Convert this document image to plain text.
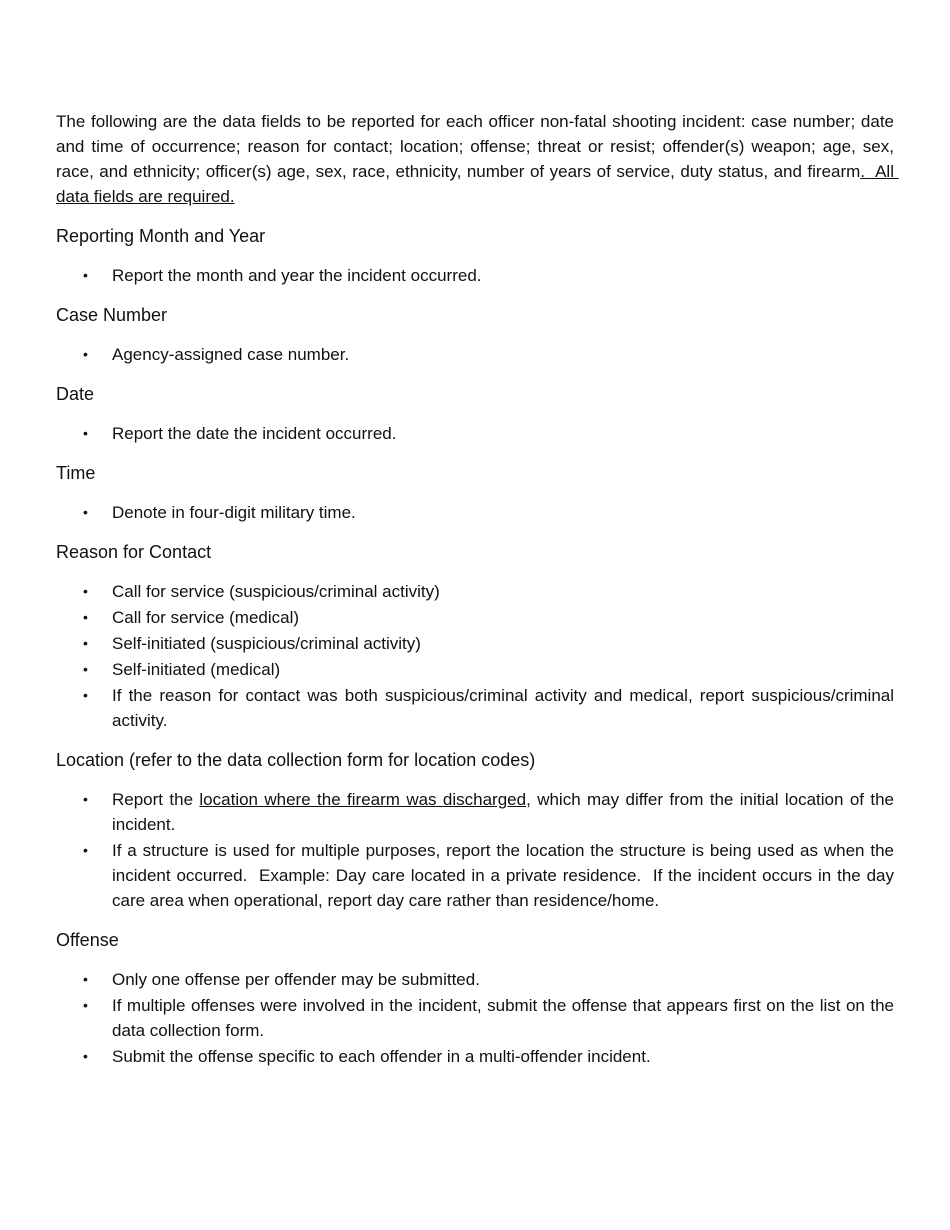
The following are the data fields to be reported for each officer non-fatal shooting incident: case number; date and time of occurrence; reason for contact; location; offense; threat or resist; offender(s) weapon; age, sex, race, and ethnicity; officer(s) age, sex, race, ethnicity, number of years of service, duty status, and firearm.  All data fields are required.

Reporting Month and Year
• Report the month and year the incident occurred.
Case Number
• Agency-assigned case number.
Date
• Report the date the incident occurred.
Time
• Denote in four-digit military time.
Reason for Contact
• Call for service (suspicious/criminal activity)
• Call for service (medical)
• Self-initiated (suspicious/criminal activity)
• Self-initiated (medical)
• If the reason for contact was both suspicious/criminal activity and medical, report suspicious/criminal activity.
Location (refer to the data collection form for location codes)
• Report the location where the firearm was discharged, which may differ from the initial location of the incident.
• If a structure is used for multiple purposes, report the location the structure is being used as when the incident occurred.  Example: Day care located in a private residence.  If the incident occurs in the day care area when operational, report day care rather than residence/home.
Offense
• Only one offense per offender may be submitted.
• If multiple offenses were involved in the incident, submit the offense that appears first on the list on the data collection form.
• Submit the offense specific to each offender in a multi-offender incident.
